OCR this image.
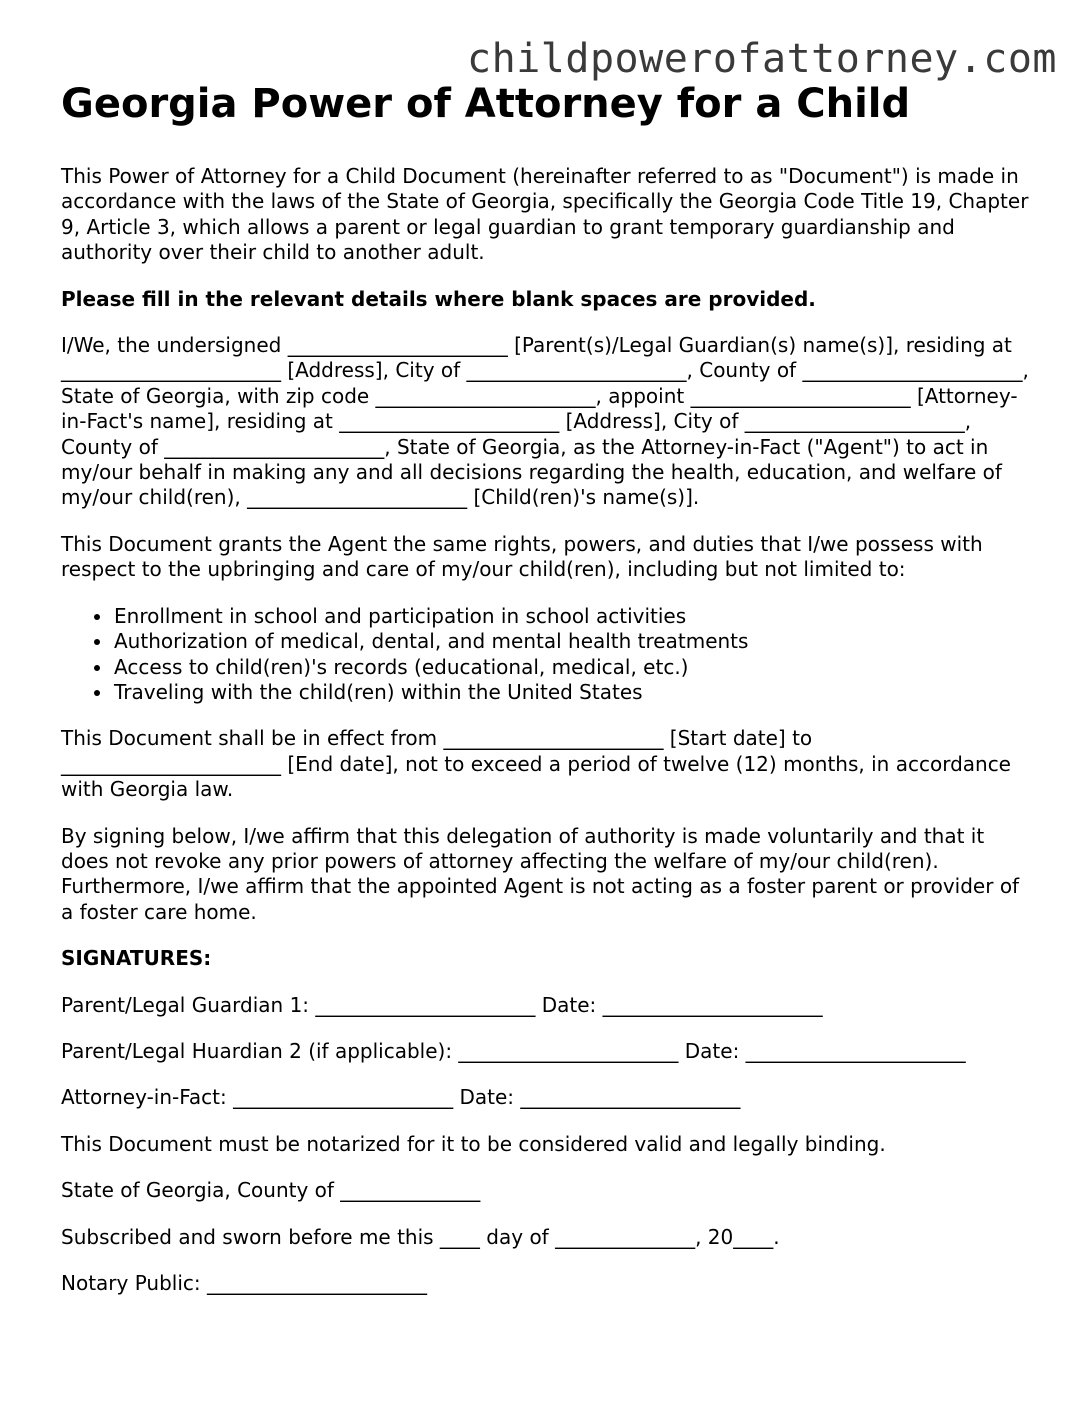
childpowerofattorney.com
Georgia Power of Attorney for a Child

This Power of Attorney for a Child Document (hereinafter referred to as "Document") is made in accordance with the laws of the State of Georgia, specifically the Georgia Code Title 19, Chapter 9, Article 3, which allows a parent or legal guardian to grant temporary guardianship and authority over their child to another adult.

Please fill in the relevant details where blank spaces are provided.

I/We, the undersigned ______________________ [Parent(s)/Legal Guardian(s) name(s)], residing at ______________________ [Address], City of ______________________, County of ______________________, State of Georgia, with zip code ______________________, appoint ______________________ [Attorney-in-Fact's name], residing at ______________________ [Address], City of ______________________, County of ______________________, State of Georgia, as the Attorney-in-Fact ("Agent") to act in my/our behalf in making any and all decisions regarding the health, education, and welfare of my/our child(ren), ______________________ [Child(ren)'s name(s)].

This Document grants the Agent the same rights, powers, and duties that I/we possess with respect to the upbringing and care of my/our child(ren), including but not limited to:

• Enrollment in school and participation in school activities
• Authorization of medical, dental, and mental health treatments
• Access to child(ren)'s records (educational, medical, etc.)
• Traveling with the child(ren) within the United States

This Document shall be in effect from ______________________ [Start date] to ______________________ [End date], not to exceed a period of twelve (12) months, in accordance with Georgia law.

By signing below, I/we affirm that this delegation of authority is made voluntarily and that it does not revoke any prior powers of attorney affecting the welfare of my/our child(ren). Furthermore, I/we affirm that the appointed Agent is not acting as a foster parent or provider of a foster care home.

SIGNATURES:

Parent/Legal Guardian 1: ______________________ Date: ______________________

Parent/Legal Huardian 2 (if applicable): ______________________ Date: ______________________

Attorney-in-Fact: ______________________ Date: ______________________

This Document must be notarized for it to be considered valid and legally binding.

State of Georgia, County of ______________

Subscribed and sworn before me this ____ day of ______________, 20____.

Notary Public: ______________________
